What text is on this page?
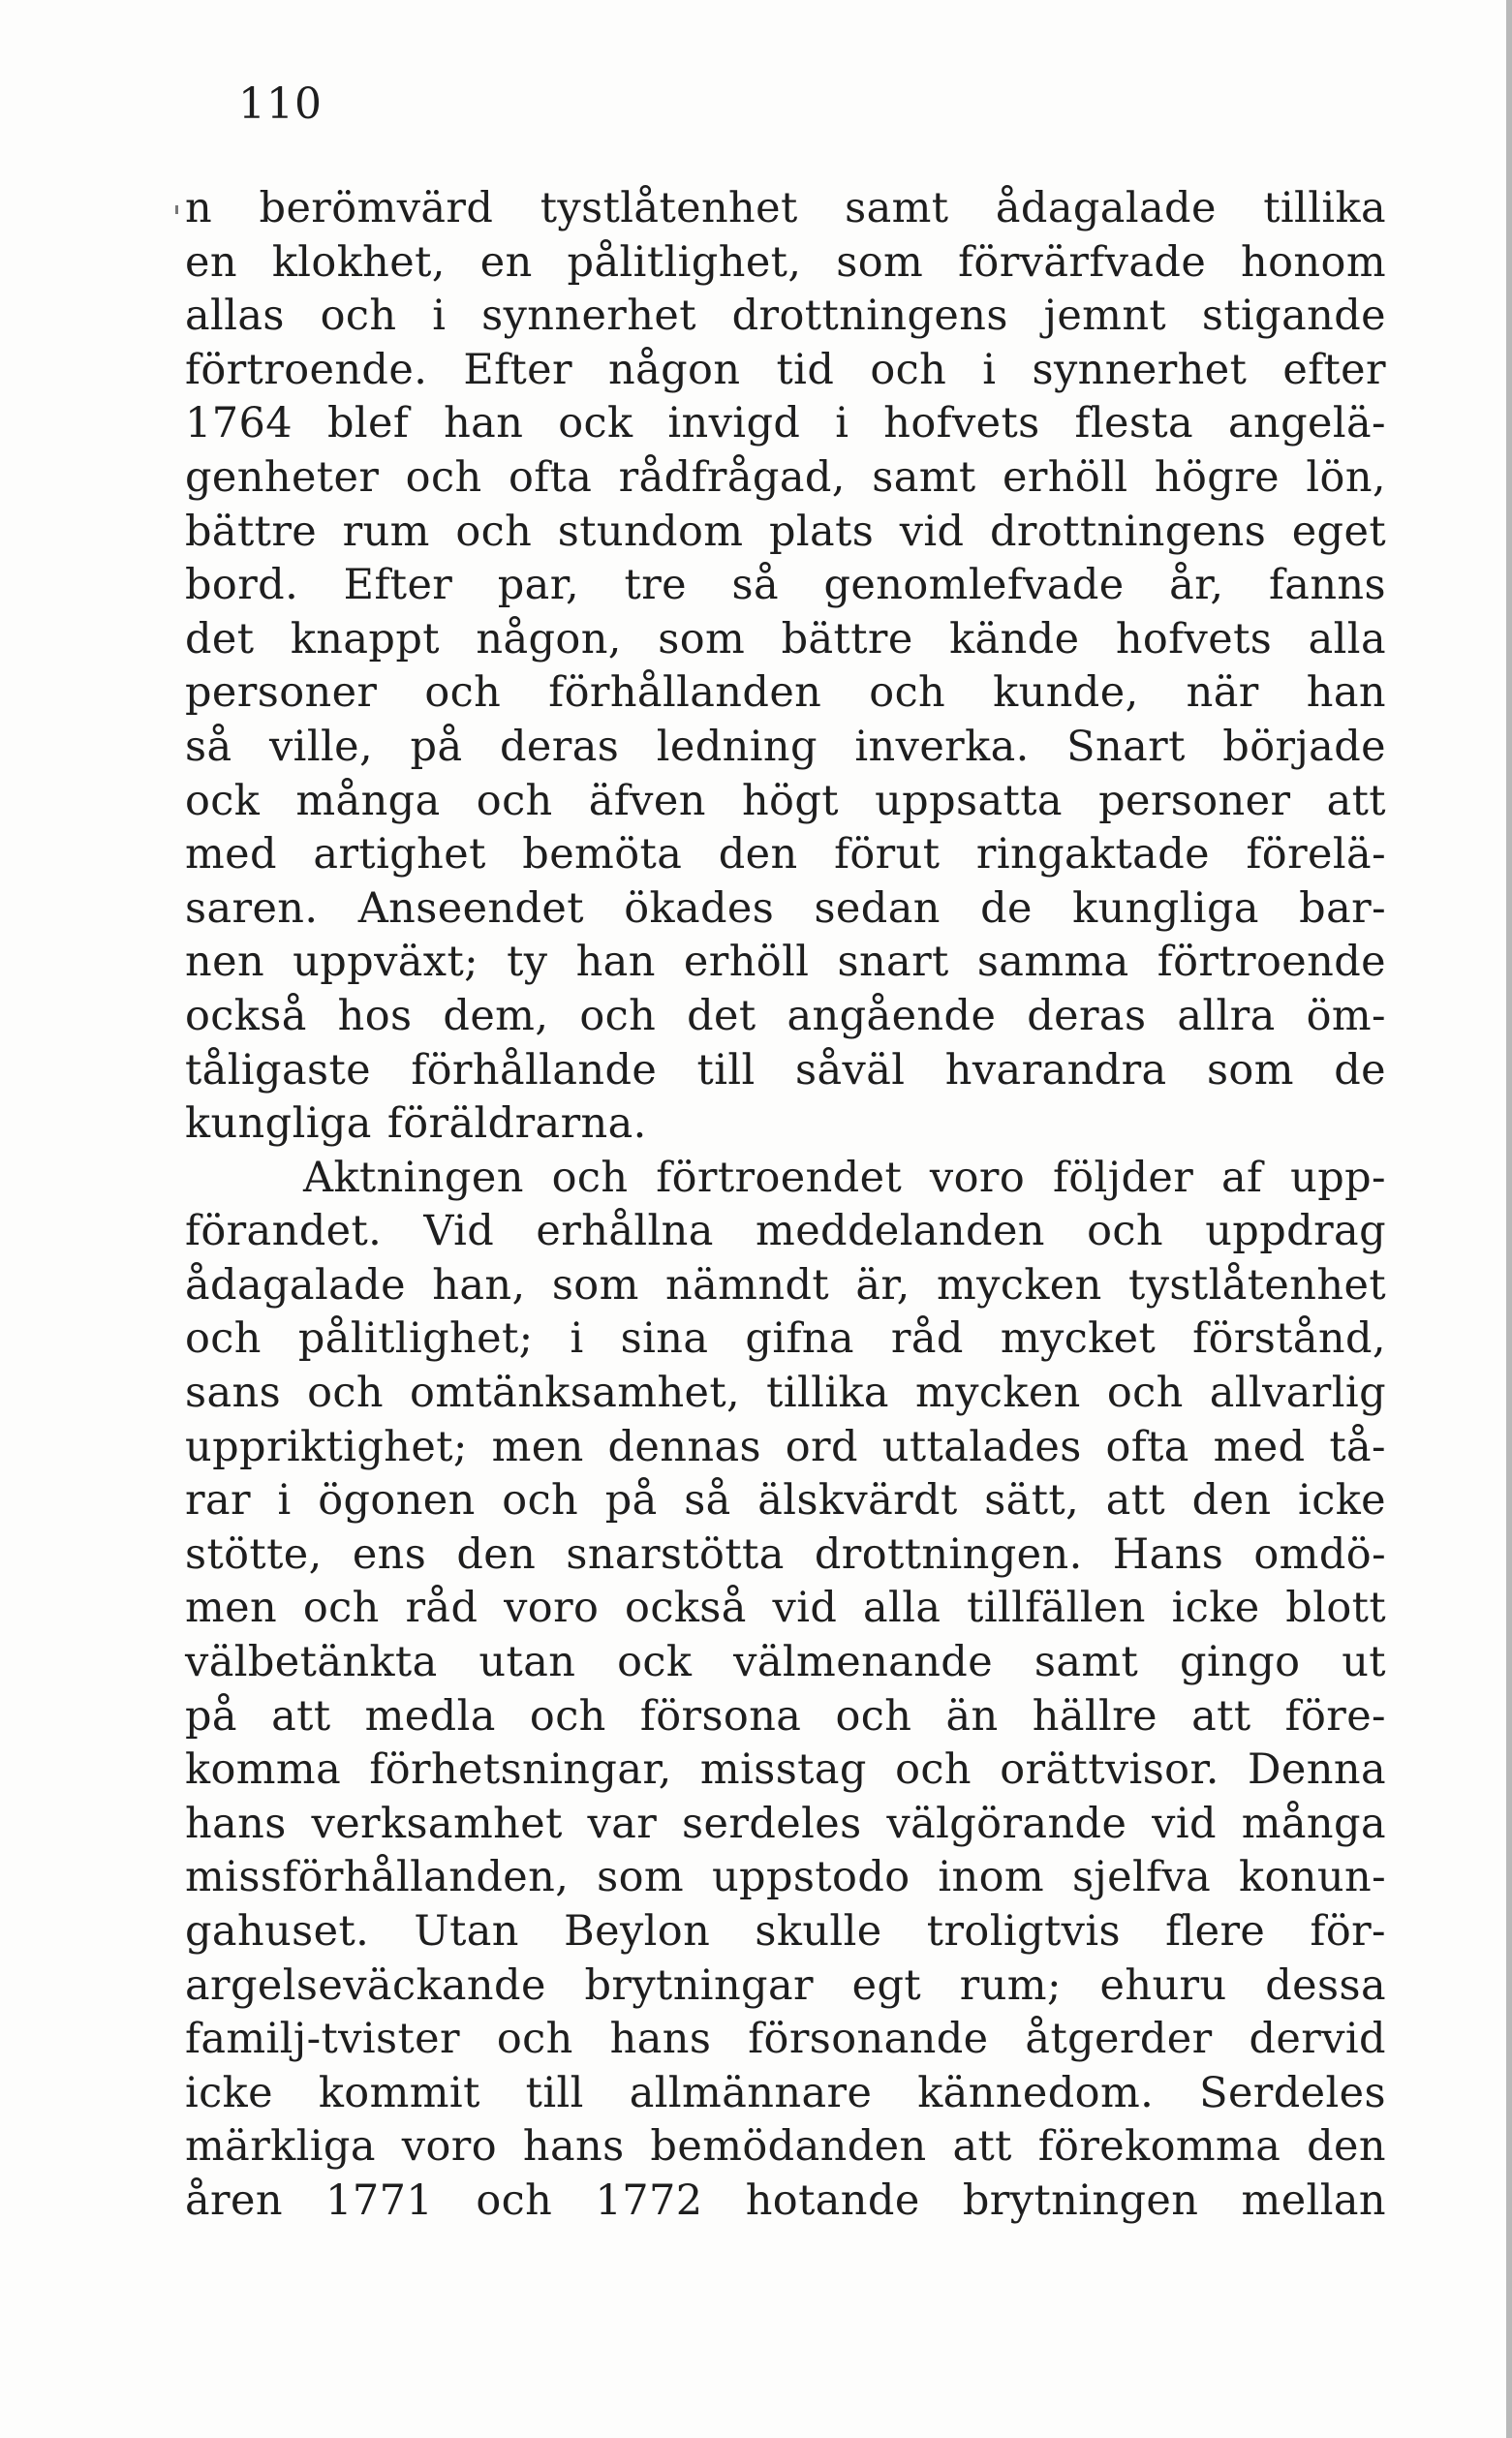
110
n berömvärd tystlåtenhet samt ådagalade tillika
en klokhet, en pålitlighet, som förvärfvade honom
allas och i synnerhet drottningens jemnt stigande
förtroende. Efter någon tid och i synnerhet efter
1764 blef han ock invigd i hofvets flesta angelä-
genheter och ofta rådfrågad, samt erhöll högre lön,
bättre rum och stundom plats vid drottningens eget
bord. Efter par, tre så genomlefvade år, fanns
det knappt någon, som bättre kände hofvets alla
personer och förhållanden och kunde, när han
så ville, på deras ledning inverka. Snart började
ock många och äfven högt uppsatta personer att
med artighet bemöta den förut ringaktade förelä-
saren. Anseendet ökades sedan de kungliga bar-
nen uppväxt; ty han erhöll snart samma förtroende
också hos dem, och det angående deras allra öm-
tåligaste förhållande till såväl hvarandra som de
kungliga föräldrarna.
Aktningen och förtroendet voro följder af upp-
förandet. Vid erhållna meddelanden och uppdrag
ådagalade han, som nämndt är, mycken tystlåtenhet
och pålitlighet; i sina gifna råd mycket förstånd,
sans och omtänksamhet, tillika mycken och allvarlig
uppriktighet; men dennas ord uttalades ofta med tå-
rar i ögonen och på så älskvärdt sätt, att den icke
stötte, ens den snarstötta drottningen. Hans omdö-
men och råd voro också vid alla tillfällen icke blott
välbetänkta utan ock välmenande samt gingo ut
på att medla och försona och än hällre att före-
komma förhetsningar, misstag och orättvisor. Denna
hans verksamhet var serdeles välgörande vid många
missförhållanden, som uppstodo inom sjelfva konun-
gahuset. Utan Beylon skulle troligtvis flere för-
argelseväckande brytningar egt rum; ehuru dessa
familj-tvister och hans försonande åtgerder dervid
icke kommit till allmännare kännedom. Serdeles
märkliga voro hans bemödanden att förekomma den
åren 1771 och 1772 hotande brytningen mellan
